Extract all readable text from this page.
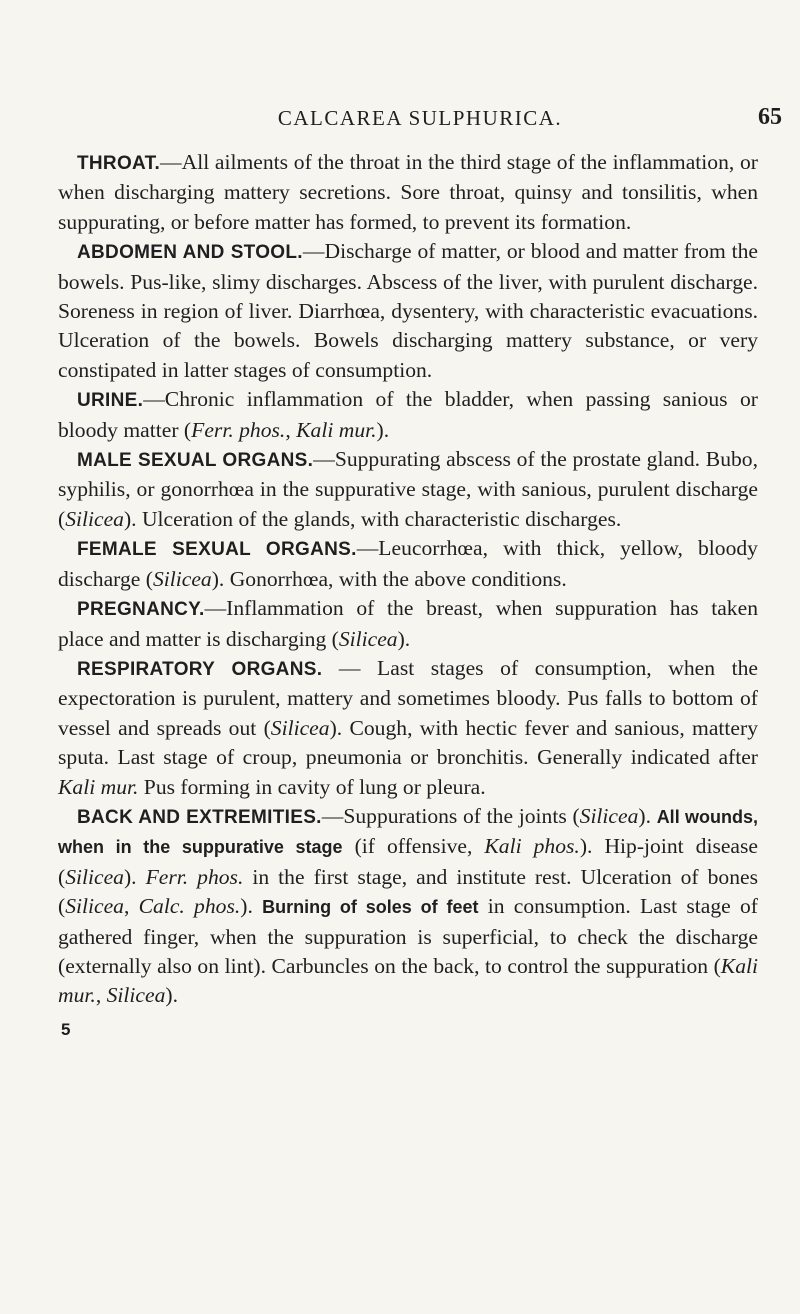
CALCAREA SULPHURICA.	65

THROAT.—All ailments of the throat in the third stage of the inflammation, or when discharging mattery secretions. Sore throat, quinsy and tonsilitis, when suppurating, or before matter has formed, to prevent its formation.

ABDOMEN AND STOOL.—Discharge of matter, or blood and matter from the bowels. Pus-like, slimy discharges. Abscess of the liver, with purulent discharge. Soreness in region of liver. Diarrhœa, dysentery, with characteristic evacuations. Ulceration of the bowels. Bowels discharging mattery substance, or very constipated in latter stages of consumption.

URINE.—Chronic inflammation of the bladder, when passing sanious or bloody matter (Ferr. phos., Kali mur.).

MALE SEXUAL ORGANS.—Suppurating abscess of the prostate gland. Bubo, syphilis, or gonorrhœa in the suppurative stage, with sanious, purulent discharge (Silicea). Ulceration of the glands, with characteristic discharges.

FEMALE SEXUAL ORGANS.—Leucorrhœa, with thick, yellow, bloody discharge (Silicea). Gonorrhœa, with the above conditions.

PREGNANCY.—Inflammation of the breast, when suppuration has taken place and matter is discharging (Silicea).

RESPIRATORY ORGANS. — Last stages of consumption, when the expectoration is purulent, mattery and sometimes bloody. Pus falls to bottom of vessel and spreads out (Silicea). Cough, with hectic fever and sanious, mattery sputa. Last stage of croup, pneumonia or bronchitis. Generally indicated after Kali mur. Pus forming in cavity of lung or pleura.

BACK AND EXTREMITIES.—Suppurations of the joints (Silicea). All wounds, when in the suppurative stage (if offensive, Kali phos.). Hip-joint disease (Silicea). Ferr. phos. in the first stage, and institute rest. Ulceration of bones (Silicea, Calc. phos.). Burning of soles of feet in consumption. Last stage of gathered finger, when the suppuration is superficial, to check the discharge (externally also on lint). Carbuncles on the back, to control the suppuration (Kali mur., Silicea).

5
